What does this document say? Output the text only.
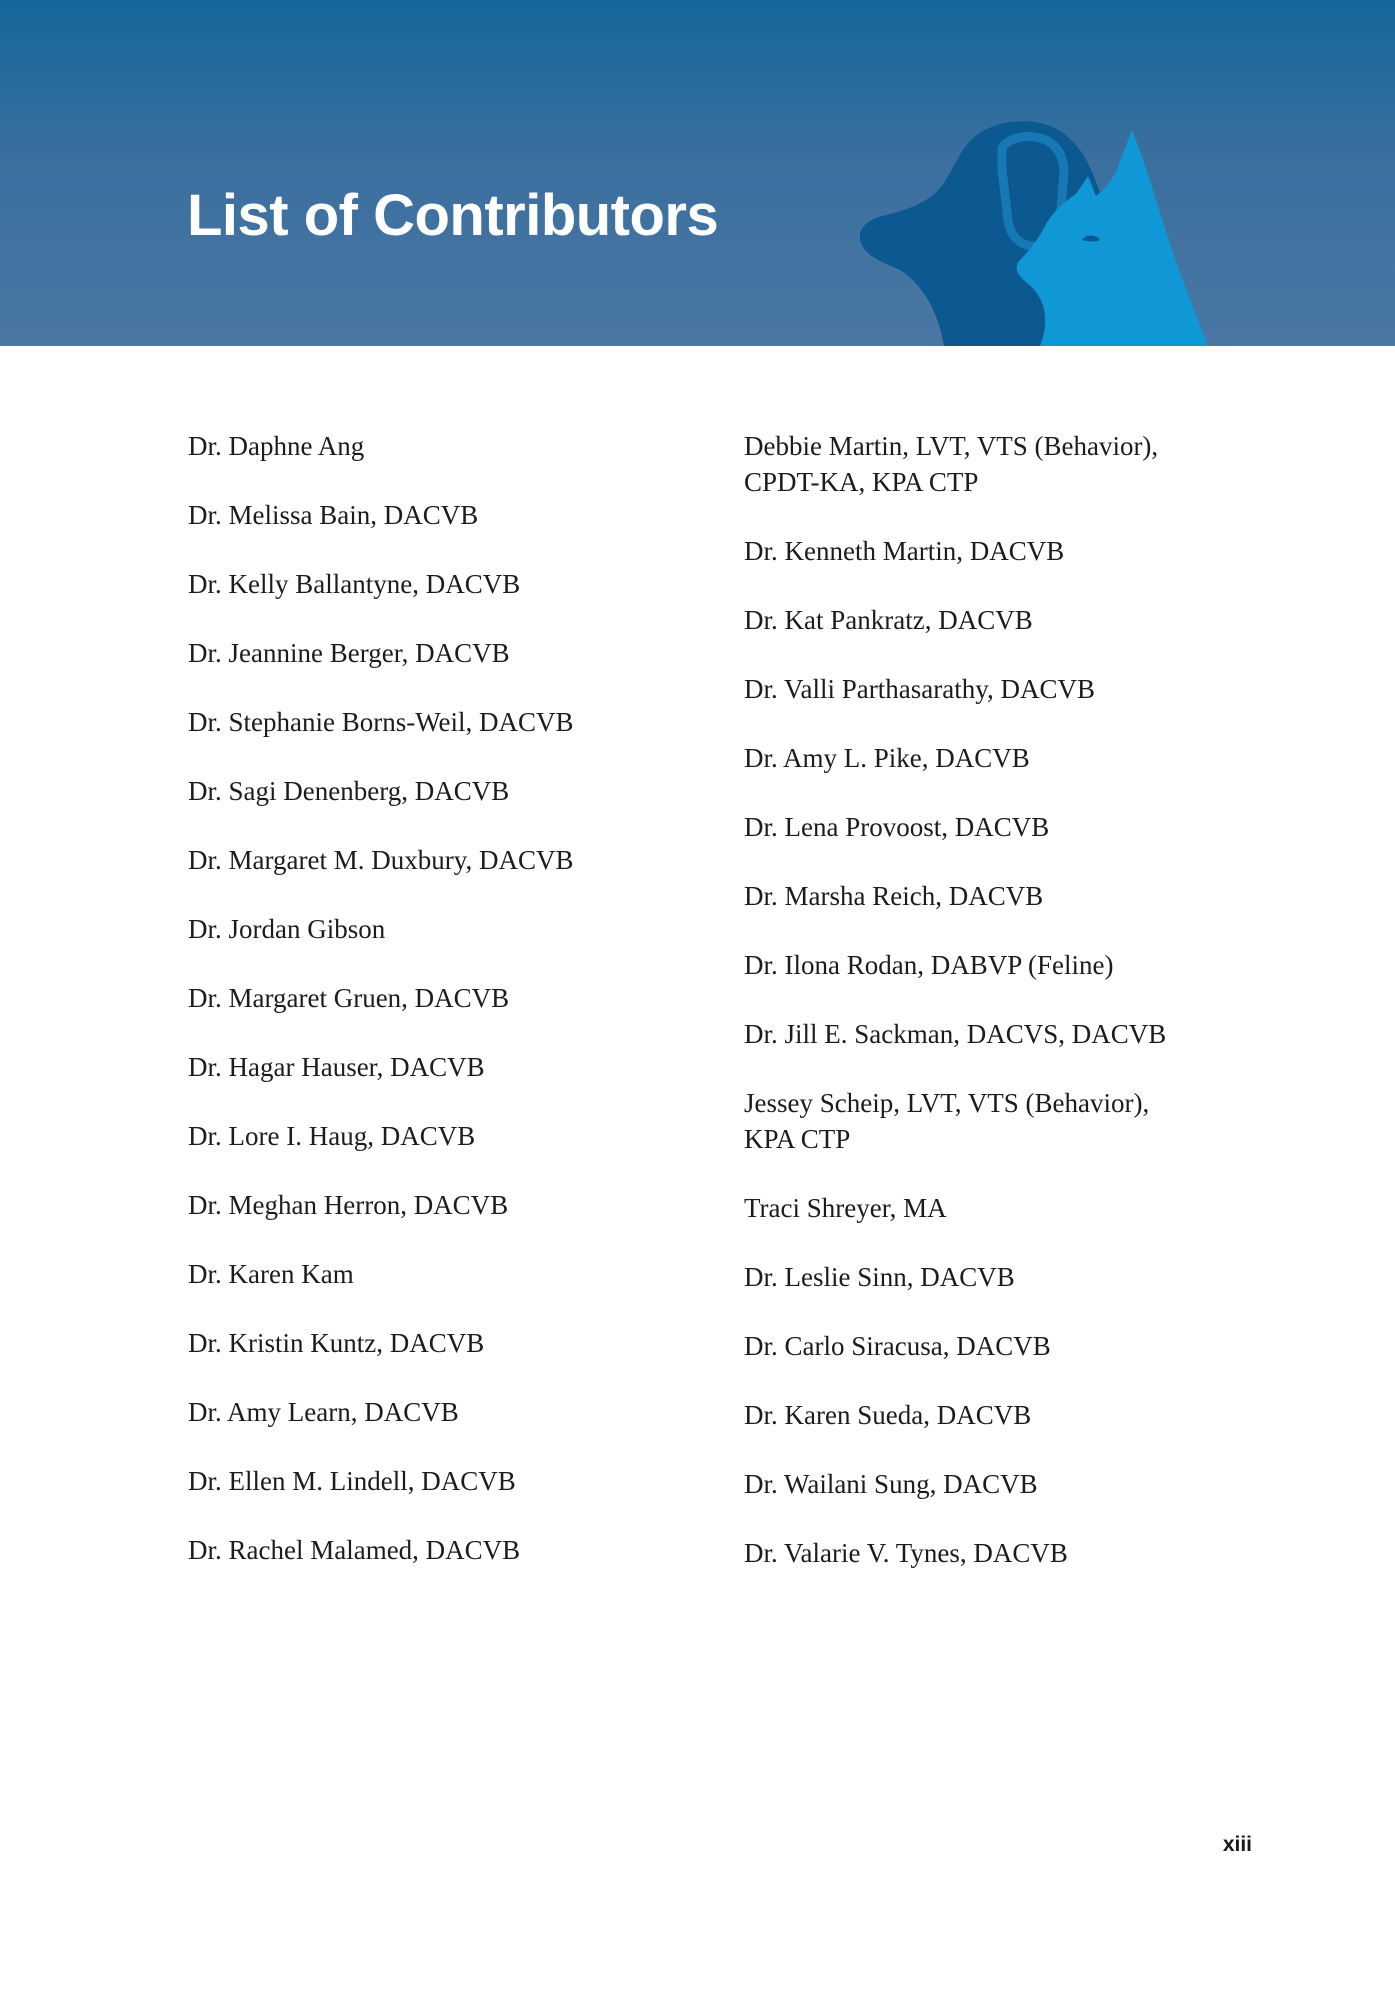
List of Contributors
Dr. Daphne Ang
Dr. Melissa Bain, DACVB
Dr. Kelly Ballantyne, DACVB
Dr. Jeannine Berger, DACVB
Dr. Stephanie Borns-Weil, DACVB
Dr. Sagi Denenberg, DACVB
Dr. Margaret M. Duxbury, DACVB
Dr. Jordan Gibson
Dr. Margaret Gruen, DACVB
Dr. Hagar Hauser, DACVB
Dr. Lore I. Haug, DACVB
Dr. Meghan Herron, DACVB
Dr. Karen Kam
Dr. Kristin Kuntz, DACVB
Dr. Amy Learn, DACVB
Dr. Ellen M. Lindell, DACVB
Dr. Rachel Malamed, DACVB
Debbie Martin, LVT, VTS (Behavior),
CPDT-KA, KPA CTP
Dr. Kenneth Martin, DACVB
Dr. Kat Pankratz, DACVB
Dr. Valli Parthasarathy, DACVB
Dr. Amy L. Pike, DACVB
Dr. Lena Provoost, DACVB
Dr. Marsha Reich, DACVB
Dr. Ilona Rodan, DABVP (Feline)
Dr. Jill E. Sackman, DACVS, DACVB
Jessey Scheip, LVT, VTS (Behavior),
KPA CTP
Traci Shreyer, MA
Dr. Leslie Sinn, DACVB
Dr. Carlo Siracusa, DACVB
Dr. Karen Sueda, DACVB
Dr. Wailani Sung, DACVB
Dr. Valarie V. Tynes, DACVB
xiii
